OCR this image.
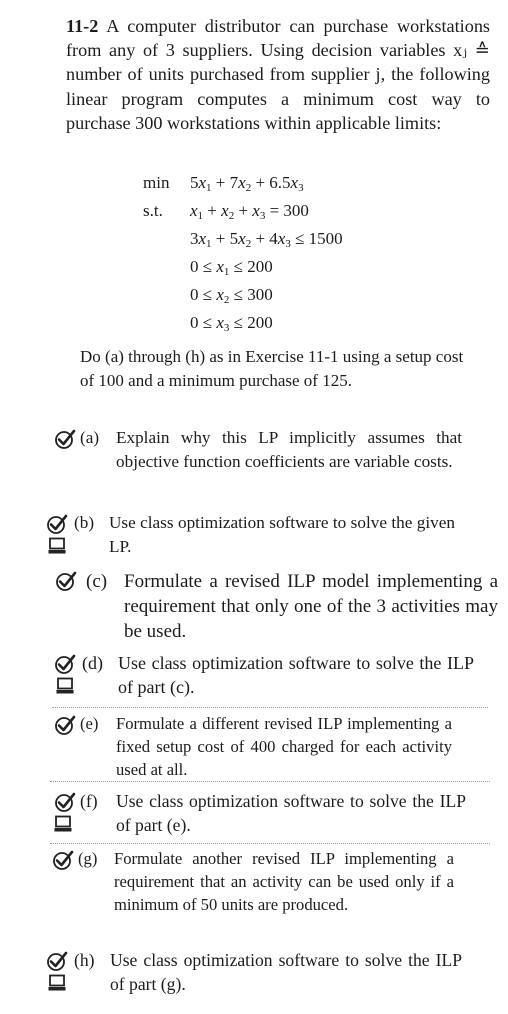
11-2 A computer distributor can purchase workstations from any of 3 suppliers. Using decision variables xⱼ ≙ number of units purchased from supplier j, the following linear program computes a minimum cost way to purchase 300 workstations within applicable limits:
$\min 5x_1 + 7x_2 + 6.5x_3$
s.t. $x_1 + x_2 + x_3 = 300$
$3x_1 + 5x_2 + 4x_3 \le 1500$
$0 \le x_1 \le 200$
$0 \le x_2 \le 300$
$0 \le x_3 \le 200$
Do (a) through (h) as in Exercise 11-1 using a setup cost of 100 and a minimum purchase of 125.
(a) Explain why this LP implicitly assumes that objective function coefficients are variable costs.
(b) Use class optimization software to solve the given LP.
(c) Formulate a revised ILP model implementing a requirement that only one of the 3 activities may be used.
(d) Use class optimization software to solve the ILP of part (c).
(e) Formulate a different revised ILP implementing a fixed setup cost of 400 charged for each activity used at all.
(f) Use class optimization software to solve the ILP of part (e).
(g) Formulate another revised ILP implementing a requirement that an activity can be used only if a minimum of 50 units are produced.
(h) Use class optimization software to solve the ILP of part (g).
